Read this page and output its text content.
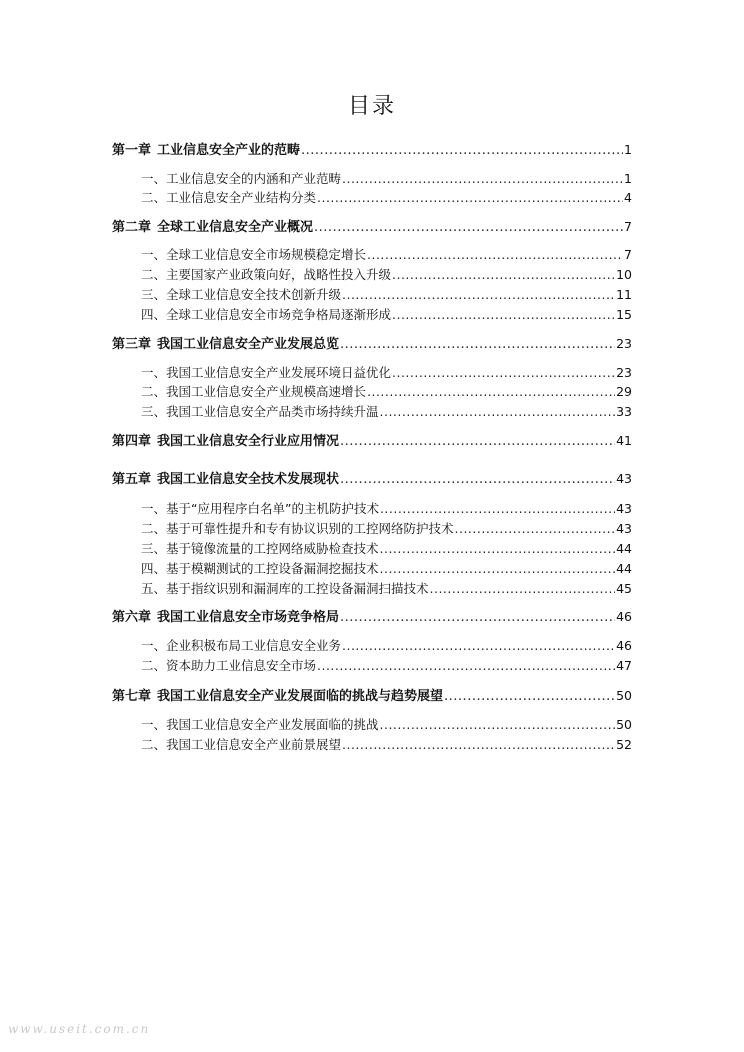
目录
第一章 工业信息安全产业的范畴 .....	1
一、工业信息安全的内涵和产业范畴 .....	1
二、工业信息安全产业结构分类 .....	4
第二章 全球工业信息安全产业概况 .....	7
一、全球工业信息安全市场规模稳定增长 .....	7
二、主要国家产业政策向好，战略性投入升级 .....	10
三、全球工业信息安全技术创新升级 .....	11
四、全球工业信息安全市场竞争格局逐渐形成 .....	15
第三章 我国工业信息安全产业发展总览 .....	23
一、我国工业信息安全产业发展环境日益优化 .....	23
二、我国工业信息安全产业规模高速增长 .....	29
三、我国工业信息安全产品类市场持续升温 .....	33
第四章 我国工业信息安全行业应用情况 .....	41
第五章 我国工业信息安全技术发展现状 .....	43
一、基于“应用程序白名单”的主机防护技术 .....	43
二、基于可靠性提升和专有协议识别的工控网络防护技术 .....	43
三、基于镜像流量的工控网络威胁检查技术 .....	44
四、基于模糊测试的工控设备漏洞挖掘技术 .....	44
五、基于指纹识别和漏洞库的工控设备漏洞扫描技术 .....	45
第六章 我国工业信息安全市场竞争格局 .....	46
一、企业积极布局工业信息安全业务 .....	46
二、资本助力工业信息安全市场 .....	47
第七章 我国工业信息安全产业发展面临的挑战与趋势展望 .....	50
一、我国工业信息安全产业发展面临的挑战 .....	50
二、我国工业信息安全产业前景展望 .....	52
www.useit.com.cn
